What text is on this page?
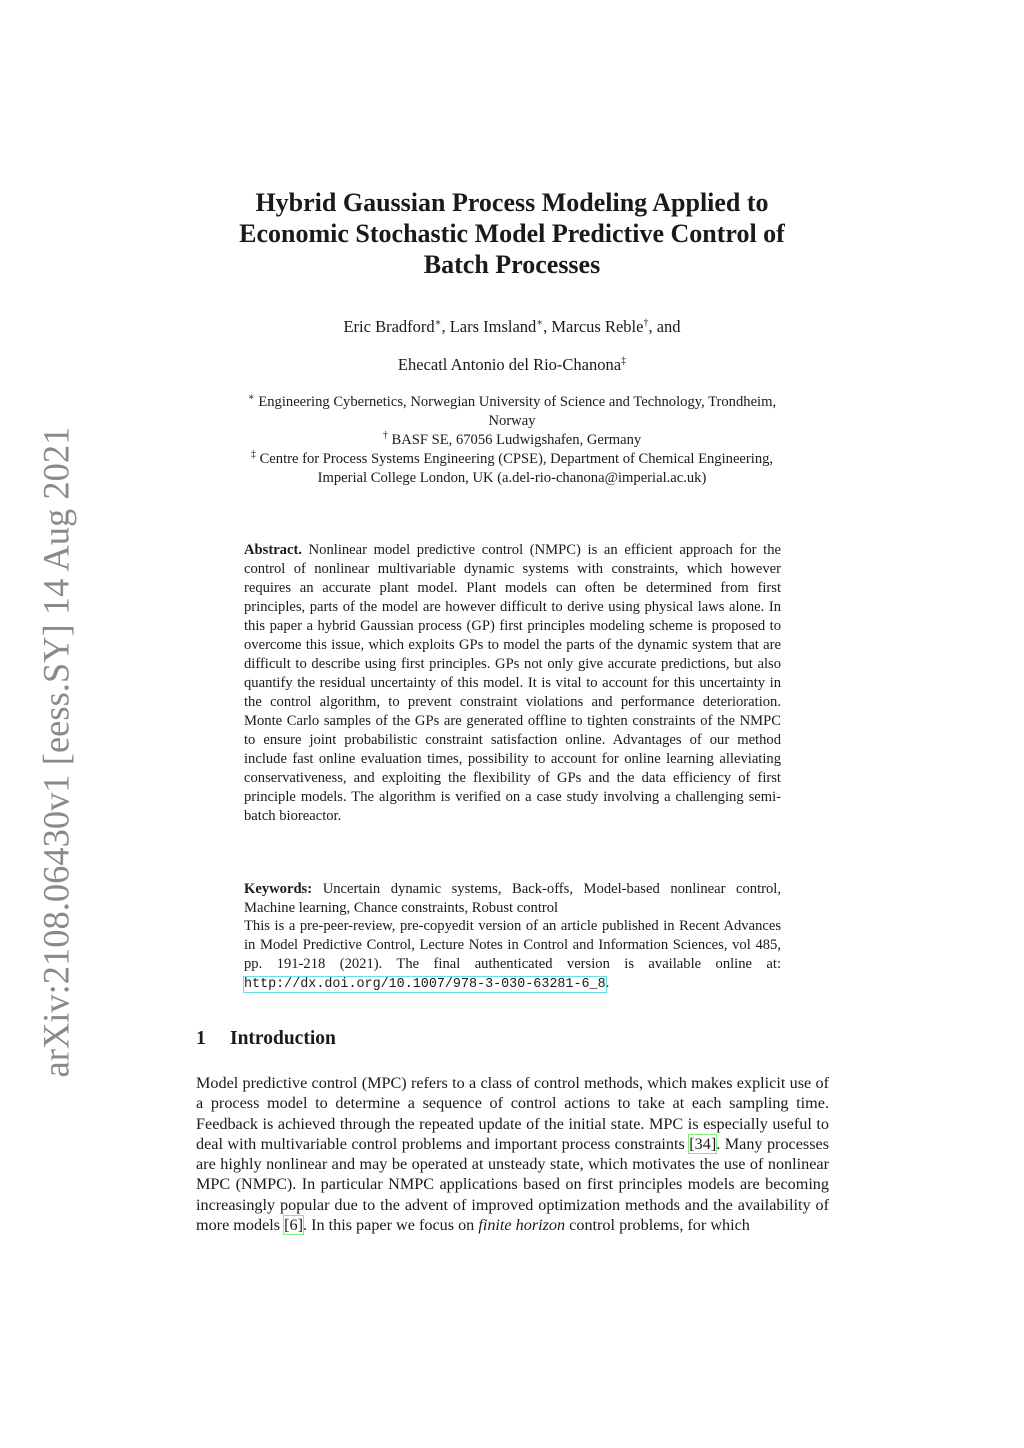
arXiv:2108.06430v1 [eess.SY] 14 Aug 2021
Hybrid Gaussian Process Modeling Applied to
Economic Stochastic Model Predictive Control of
Batch Processes
Eric Bradford∗, Lars Imsland∗, Marcus Reble†, and
Ehecatl Antonio del Rio-Chanona‡
∗ Engineering Cybernetics, Norwegian University of Science and Technology, Trondheim,
Norway
† BASF SE, 67056 Ludwigshafen, Germany
‡ Centre for Process Systems Engineering (CPSE), Department of Chemical Engineering,
Imperial College London, UK (a.del-rio-chanona@imperial.ac.uk)
Abstract. Nonlinear model predictive control (NMPC) is an efficient approach for the control of nonlinear multivariable dynamic systems with constraints, which however requires an accurate plant model. Plant models can often be determined from first principles, parts of the model are however difficult to derive using physical laws alone. In this paper a hybrid Gaussian process (GP) first principles modeling scheme is proposed to overcome this issue, which exploits GPs to model the parts of the dynamic system that are difficult to describe using first principles. GPs not only give accurate predictions, but also quantify the residual uncertainty of this model. It is vital to account for this uncertainty in the control algorithm, to prevent constraint violations and performance deterioration. Monte Carlo samples of the GPs are generated offline to tighten constraints of the NMPC to ensure joint probabilistic constraint satisfaction online. Advantages of our method include fast online evaluation times, possibility to account for online learning alleviating conservativeness, and exploiting the flexibility of GPs and the data efficiency of first principle models. The algorithm is verified on a case study involving a challenging semi-batch bioreactor.
Keywords: Uncertain dynamic systems, Back-offs, Model-based nonlinear control, Machine learning, Chance constraints, Robust control
This is a pre-peer-review, pre-copyedit version of an article published in Recent Advances in Model Predictive Control, Lecture Notes in Control and Information Sciences, vol 485, pp. 191-218 (2021). The final authenticated version is available online at: http://dx.doi.org/10.1007/978-3-030-63281-6_8.
1 Introduction
Model predictive control (MPC) refers to a class of control methods, which makes explicit use of a process model to determine a sequence of control actions to take at each sampling time. Feedback is achieved through the repeated update of the initial state. MPC is especially useful to deal with multivariable control problems and important process constraints [34]. Many processes are highly nonlinear and may be operated at unsteady state, which motivates the use of nonlinear MPC (NMPC). In particular NMPC applications based on first principles models are becoming increasingly popular due to the advent of improved optimization methods and the availability of more models [6]. In this paper we focus on finite horizon control problems, for which
